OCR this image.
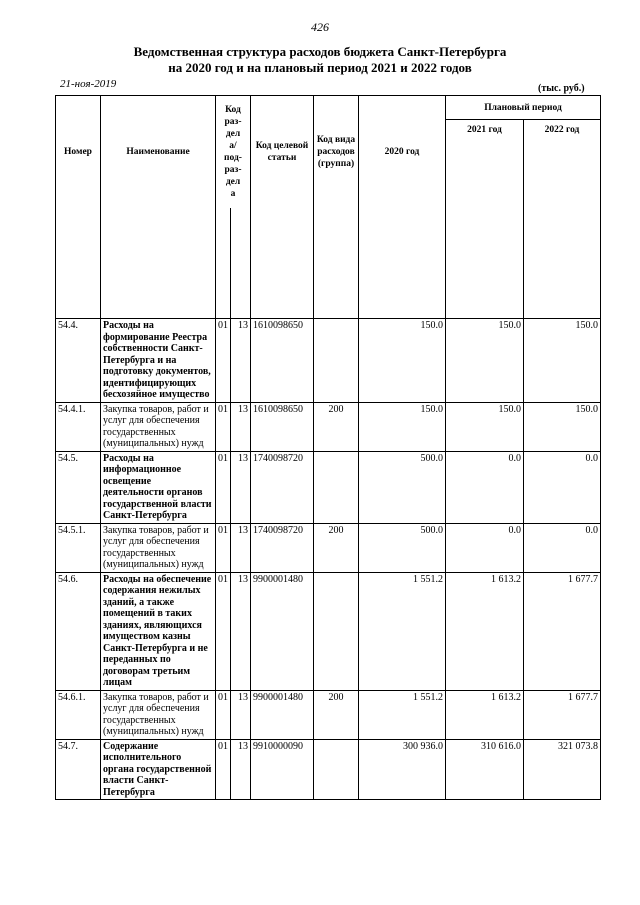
426
Ведомственная структура расходов бюджета Санкт-Петербурга
на 2020 год и на плановый период 2021 и 2022 годов
21-ноя-2019	(тыс. руб.)
Номер	Наименование	Код раз- дела/ под- раз- дела		Код целевой статьи	Код вида расходов (группа)	2020 год	Плановый период	
							2021 год	2022 год

54.4.	Расходы на формирование Реестра собственности Санкт-Петербурга и на подготовку документов, идентифицирующих бесхозяйное имущество	01	13	1610098650		150.0	150.0	150.0
54.4.1.	Закупка товаров, работ и услуг для обеспечения государственных (муниципальных) нужд	01	13	1610098650	200	150.0	150.0	150.0
54.5.	Расходы на информационное освещение деятельности органов государственной власти Санкт-Петербурга	01	13	1740098720		500.0	0.0	0.0
54.5.1.	Закупка товаров, работ и услуг для обеспечения государственных (муниципальных) нужд	01	13	1740098720	200	500.0	0.0	0.0
54.6.	Расходы на обеспечение содержания нежилых зданий, а также помещений в таких зданиях, являющихся имуществом казны Санкт-Петербурга и не переданных по договорам третьим лицам	01	13	9900001480		1 551.2	1 613.2	1 677.7
54.6.1.	Закупка товаров, работ и услуг для обеспечения государственных (муниципальных) нужд	01	13	9900001480	200	1 551.2	1 613.2	1 677.7
54.7.	Содержание исполнительного органа государственной власти Санкт-Петербурга	01	13	9910000090		300 936.0	310 616.0	321 073.8
